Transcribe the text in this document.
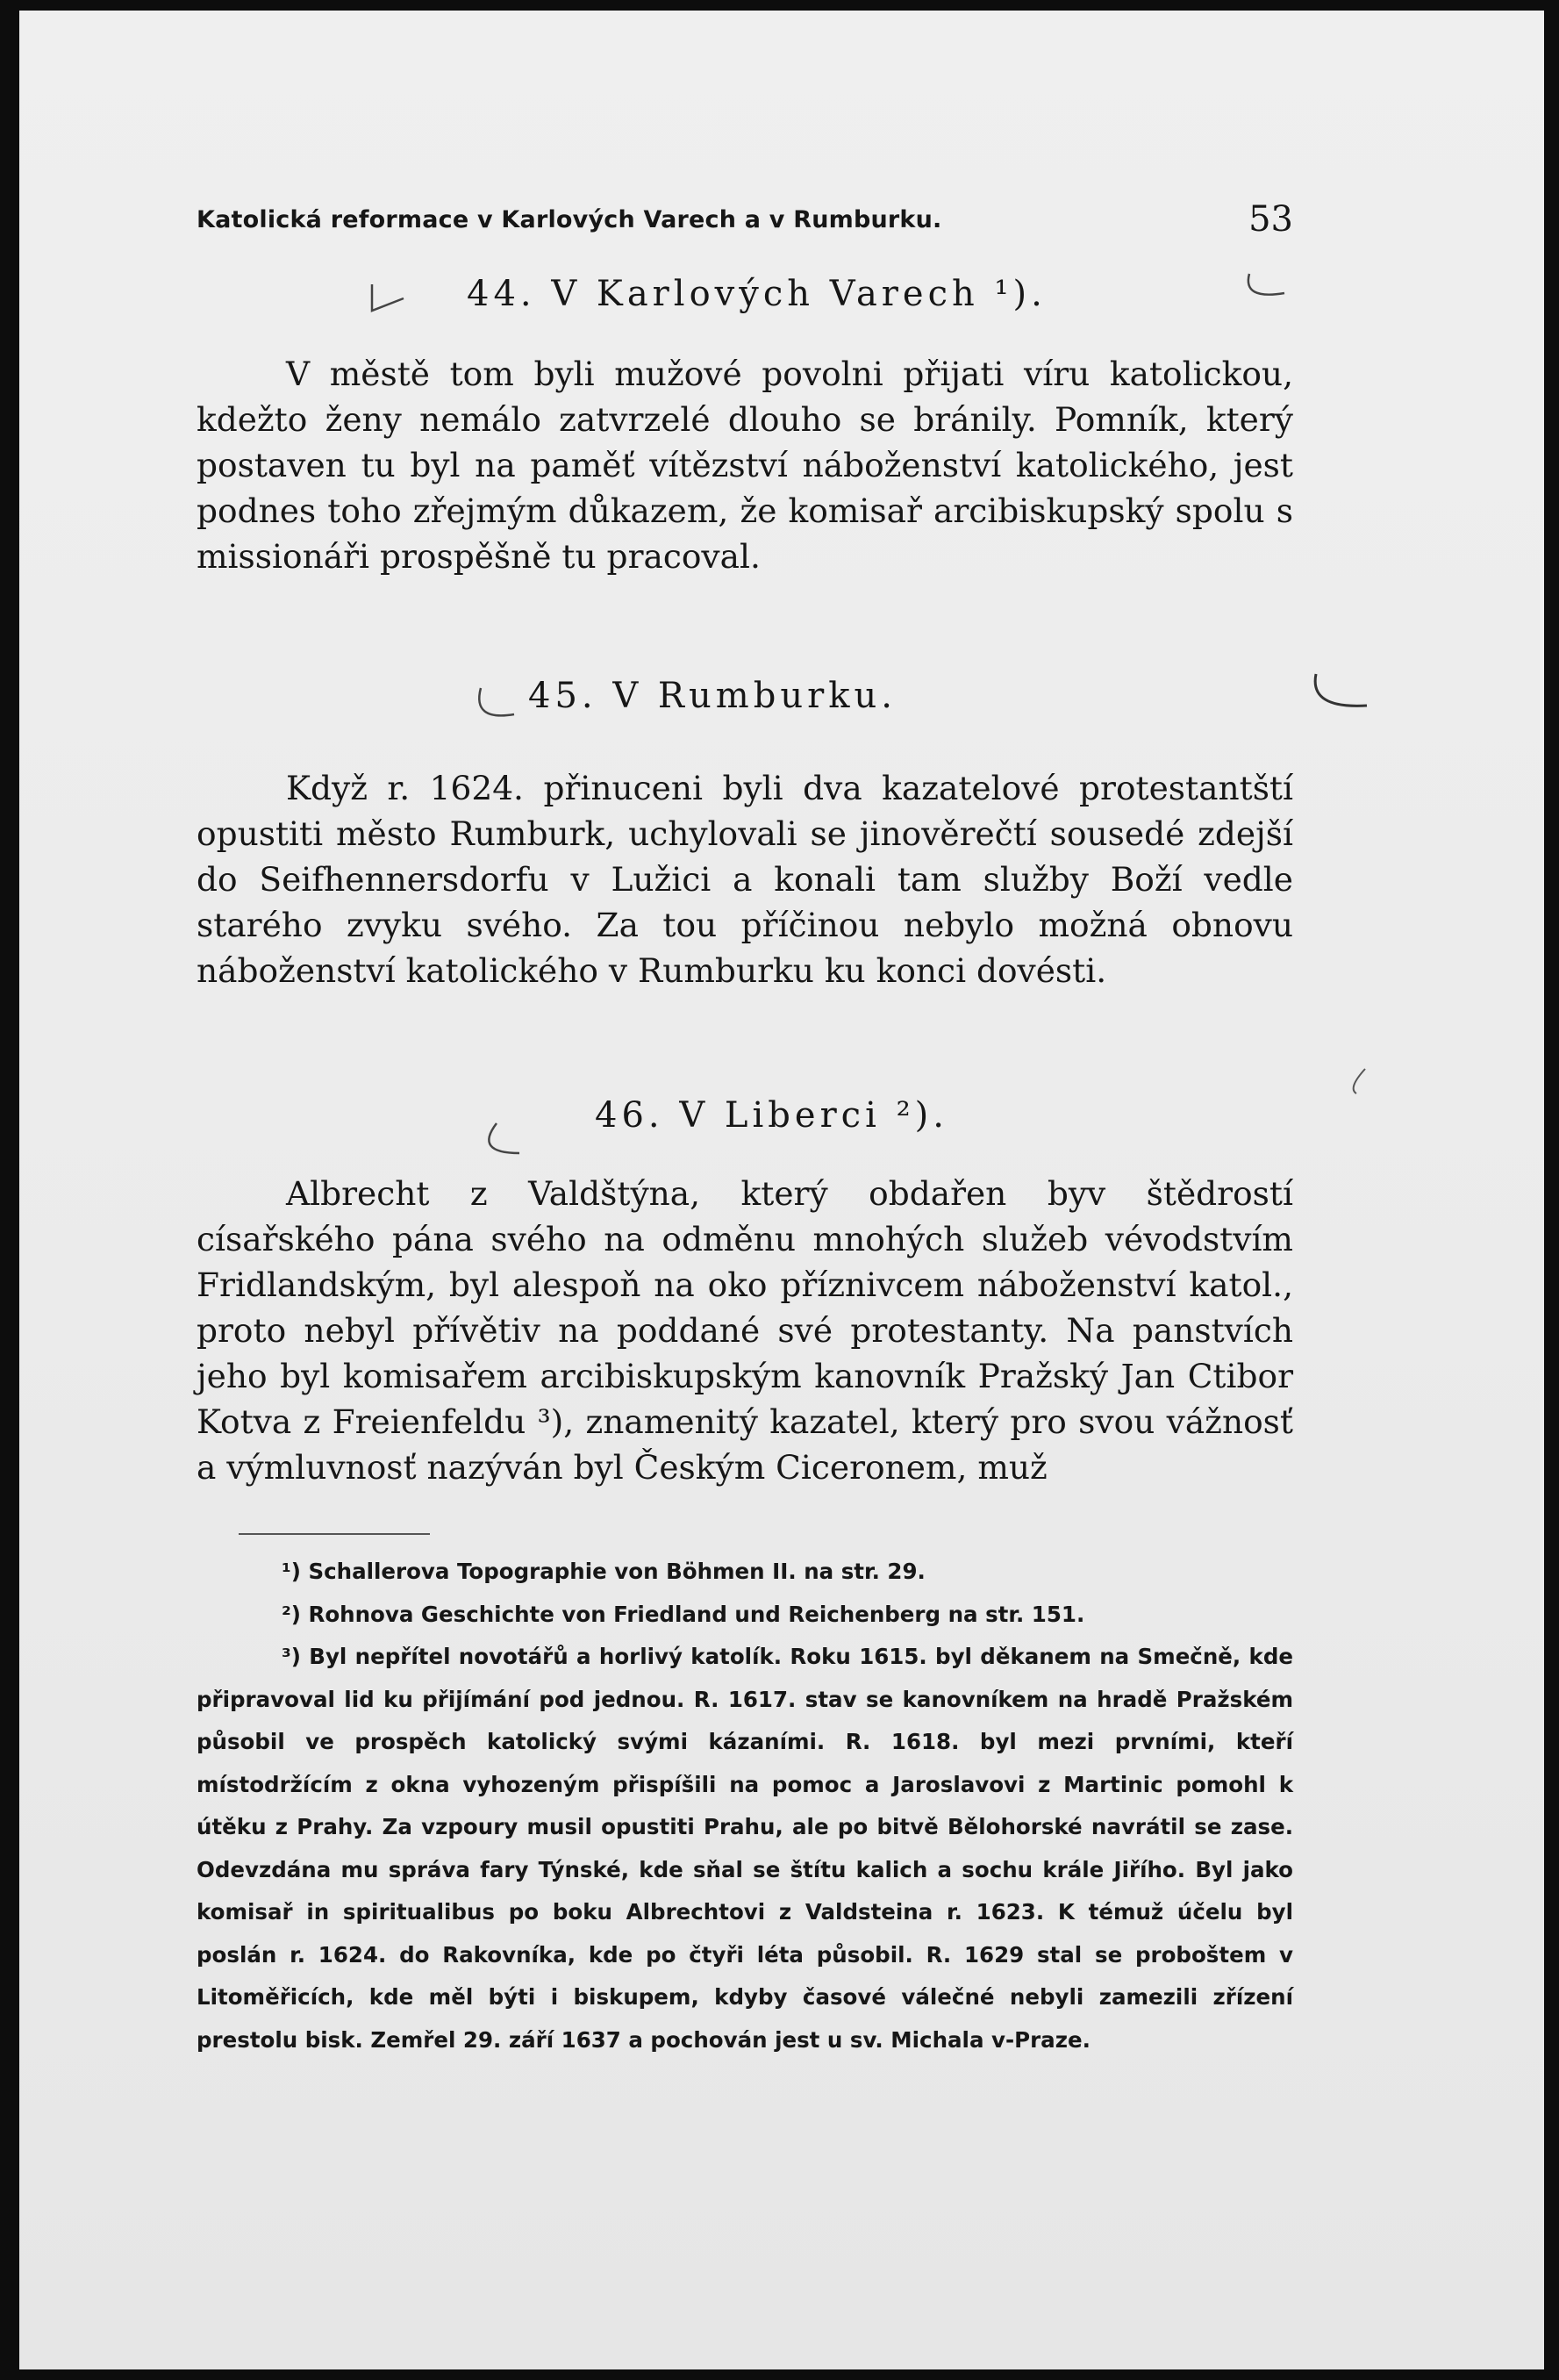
Katolická reformace v Karlových Varech a v Rumburku.	53
44. V Karlových Varech ¹).

V městě tom byli mužové povolni přijati víru katolickou, kdežto ženy nemálo zatvrzelé dlouho se bránily. Pomník, který postaven tu byl na paměť vítězství náboženství katolického, jest podnes toho zřejmým důkazem, že komisař arcibiskupský spolu s missionáři prospěšně tu pracoval.

45. V Rumburku.

Když r. 1624. přinuceni byli dva kazatelové protestantští opustiti město Rumburk, uchylovali se jinověrečtí sousedé zdejší do Seifhennersdorfu v Lužici a konali tam služby Boží vedle starého zvyku svého. Za tou příčinou nebylo možná obnovu náboženství katolického v Rumburku ku konci dovésti.

46. V Liberci ²).

Albrecht z Valdštýna, který obdařen byv štědrostí císařského pána svého na odměnu mnohých služeb vévodstvím Fridlandským, byl alespoň na oko příznivcem náboženství katol., proto nebyl přívětiv na poddané své protestanty. Na panstvích jeho byl komisařem arcibiskupským kanovník Pražský Jan Ctibor Kotva z Freienfeldu ³), znamenitý kazatel, který pro svou vážnosť a výmluvnosť nazýván byl Českým Ciceronem, muž

¹) Schallerova Topographie von Böhmen II. na str. 29.

²) Rohnova Geschichte von Friedland und Reichenberg na str. 151.

³) Byl nepřítel novotářů a horlivý katolík. Roku 1615. byl děkanem na Smečně, kde připravoval lid ku přijímání pod jednou. R. 1617. stav se kanovníkem na hradě Pražském působil ve prospěch katolický svými kázaními. R. 1618. byl mezi prvními, kteří místodržícím z okna vyhozeným přispíšili na pomoc a Jaroslavovi z Martinic pomohl k útěku z Prahy. Za vzpoury musil opustiti Prahu, ale po bitvě Bělohorské navrátil se zase. Odevzdána mu správa fary Týnské, kde sňal se štítu kalich a sochu krále Jiřího. Byl jako komisař in spiritualibus po boku Albrechtovi z Valdsteina r. 1623. K témuž účelu byl poslán r. 1624. do Rakovníka, kde po čtyři léta působil. R. 1629 stal se proboštem v Litoměřicích, kde měl býti i biskupem, kdyby časové válečné nebyli zamezili zřízení prestolu bisk. Zemřel 29. září 1637 a pochován jest u sv. Michala v-Praze.
